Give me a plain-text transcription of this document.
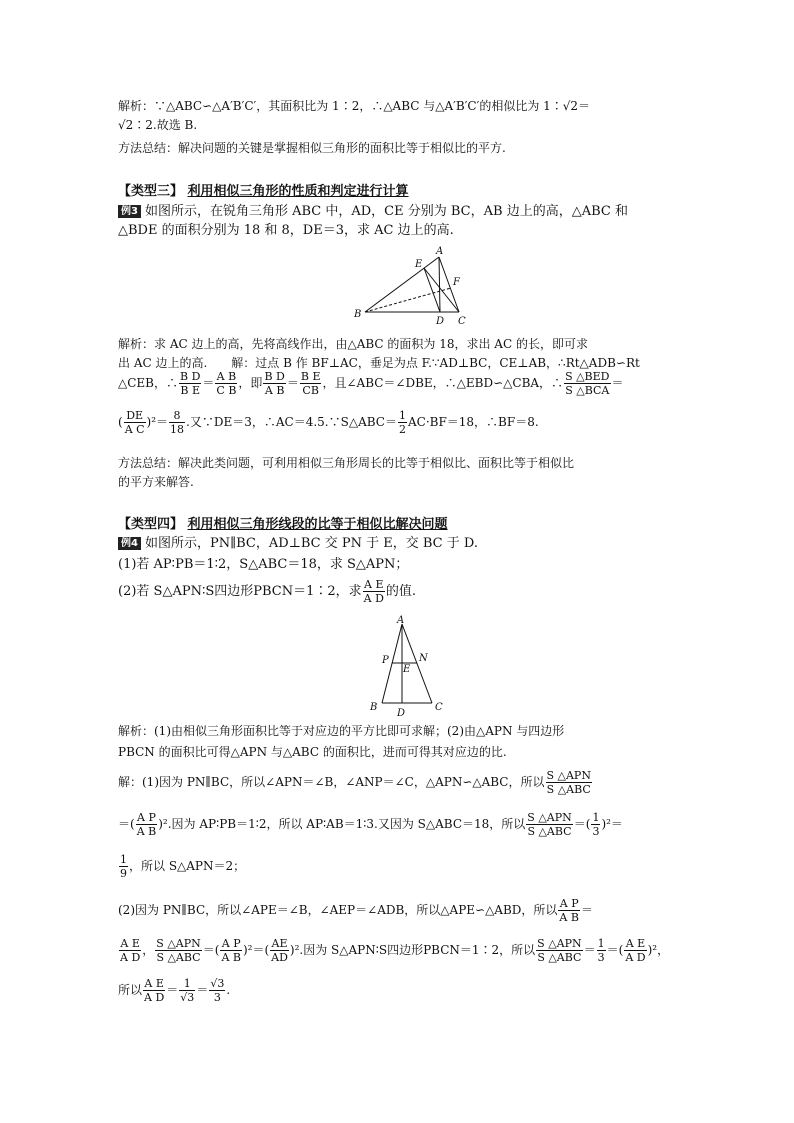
解析：∵△ABC∽△A′B′C′，其面积比为 1∶2，∴△ABC 与△A′B′C′的相似比为 1∶√2＝
√2∶2.故选 B.
方法总结：解决问题的关键是掌握相似三角形的面积比等于相似比的平方.
【类型三】 利用相似三角形的性质和判定进行计算
例3 如图所示，在锐角三角形 ABC 中，AD，CE 分别为 BC，AB 边上的高，△ABC 和
△BDE 的面积分别为 18 和 8，DE＝3，求 AC 边上的高.
A
E
F
B
D C
解析：求 AC 边上的高，先将高线作出，由△ABC 的面积为 18，求出 AC 的长，即可求
出 AC 边上的高.　　解：过点 B 作 BF⊥AC，垂足为点 F.∵AD⊥BC，CE⊥AB，∴Rt△ADB∽Rt
△CEB，∴ $\frac{\text{B D}}{\text{B E}} = \frac{\text{A B}}{\text{C B}}$ ，即 $\frac{\text{B D}}{\text{A B}} = \frac{\text{B E}}{CB}$ ，且∠ABC＝∠DBE，∴△EBD∽△CBA，∴ S △BED
S △BCA
＝
( $\frac{DE}{\text{A C}} )^2= \frac{8}{18}$ .又∵DE＝3，∴AC＝4.5.∵S△ABC＝ $\frac{1}{2} AC\cdot BF=18$，∴BF＝8.
方法总结：解决此类问题，可利用相似三角形周长的比等于相似比、面积比等于相似比
的平方来解答.
【类型四】 利用相似三角形线段的比等于相似比解决问题
例4 如图所示，PN∥BC，AD⊥BC 交 PN 于 E，交 BC 于 D.
(1)若 AP∶PB＝1∶2，S△ABC＝18，求 S△APN；
(2)若 S△APN∶S四边形PBCN＝1∶2，求 $\frac{\text{A E}}{\text{A D}}$ 的值.
A
P	N
E
B
D
C
解析：(1)由相似三角形面积比等于对应边的平方比即可求解；(2)由△APN 与四边形
PBCN 的面积比可得△APN 与△ABC 的面积比，进而可得其对应边的比.
解：(1)因为 PN∥BC，所以∠APN＝∠B，∠ANP＝∠C，△APN∽△ABC，所以 S △APN
S △ABC
＝( $\frac{\text{A P}}{\text{A B}} )^2$.因为 AP∶PB＝1∶2，所以 AP∶AB＝1∶3.又因为 S△ABC＝18，所以 S △APN
S △ABC
＝( $\frac{1}{3} )^2=$
$\frac{1}{9}$ ，所以 S△APN＝2；
(2)因为 PN∥BC，所以∠APE＝∠B，∠AEP＝∠ADB，所以△APE∽△ABD，所以 $\frac{\text{A P}}{\text{A B}}$ ＝
$\frac{\text{A E}}{\text{A D}}$ ， S △APN
S △ABC
＝( $\frac{\text{A P}}{\text{A B}} )^2=( \frac{AE}{AD} )^2$.因为 S△APN∶S四边形PBCN＝1∶2，所以 S △APN
S △ABC
＝ $\frac{1}{3}$ ＝( $\frac{\text{A E}}{\text{A D}} )^2$，
所以 $\frac{\text{A E}}{\text{A D}} = \frac{1}{√3} = \frac{√3}{3}$ .
